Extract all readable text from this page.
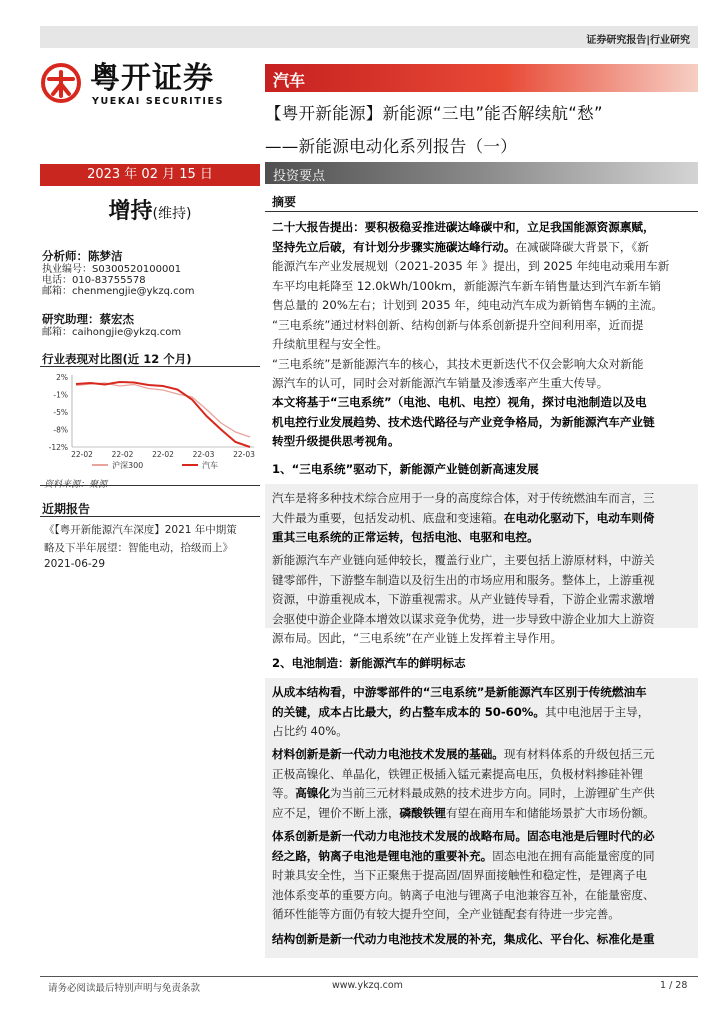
证券研究报告|行业研究
粤开证券
YUEKAI SECURITIES
汽车
【粤开新能源】新能源“三电”能否解续航“愁”
——新能源电动化系列报告（一）
2023 年 02 月 15 日
增持(维持)
分析师：陈梦洁
执业编号：S0300520100001
电话：010-83755578
邮箱：chenmengjie@ykzq.com
研究助理：蔡宏杰
邮箱：caihongjie@ykzq.com
行业表现对比图(近 12 个月)
2%
-1%
-5%
-8%
-12%
22-02 22-02 22-02 22-03 22-03
沪深300	汽车
资料来源：聚源
近期报告
《【粤开新能源汽车深度】2021 年中期策
略及下半年展望：智能电动，拾级而上》
2021-06-29
投资要点
摘要
二十大报告提出：要积极稳妥推进碳达峰碳中和，立足我国能源资源禀赋，
坚持先立后破，有计划分步骤实施碳达峰行动。在减碳降碳大背景下，《新
能源汽车产业发展规划（2021-2035 年 》提出，到 2025 年纯电动乘用车新
车平均电耗降至 12.0kWh/100km，新能源汽车新车销售量达到汽车新车销
售总量的 20%左右；计划到 2035 年，纯电动汽车成为新销售车辆的主流。
“三电系统”通过材料创新、结构创新与体系创新提升空间利用率，近而提
升续航里程与安全性。
“三电系统”是新能源汽车的核心，其技术更新迭代不仅会影响大众对新能
源汽车的认可，同时会对新能源汽车销量及渗透率产生重大传导。
本文将基于“三电系统”（电池、电机、电控）视角，探讨电池制造以及电
机电控行业发展趋势、技术迭代路径与产业竞争格局，为新能源汽车产业链
转型升级提供思考视角。
1、“三电系统”驱动下，新能源产业链创新高速发展
汽车是将多种技术综合应用于一身的高度综合体，对于传统燃油车而言，三
大件最为重要，包括发动机、底盘和变速箱。在电动化驱动下，电动车则倚
重其三电系统的正常运转，包括电池、电驱和电控。
新能源汽车产业链向延伸较长，覆盖行业广，主要包括上游原材料，中游关
键零部件，下游整车制造以及衍生出的市场应用和服务。整体上，上游重视
资源，中游重视成本，下游重视需求。从产业链传导看，下游企业需求激增
会驱使中游企业降本增效以谋求竞争优势，进一步导致中游企业加大上游资
源布局。因此，“三电系统”在产业链上发挥着主导作用。
2、电池制造：新能源汽车的鲜明标志
从成本结构看，中游零部件的“三电系统”是新能源汽车区别于传统燃油车
的关键，成本占比最大，约占整车成本的 50-60%。其中电池居于主导，
占比约 40%。
材料创新是新一代动力电池技术发展的基础。现有材料体系的升级包括三元
正极高镍化、单晶化，铁锂正极插入锰元素提高电压，负极材料掺硅补锂
等。高镍化为当前三元材料最成熟的技术进步方向。同时，上游锂矿生产供
应不足，锂价不断上涨，磷酸铁锂有望在商用车和储能场景扩大市场份额。
体系创新是新一代动力电池技术发展的战略布局。固态电池是后锂时代的必
经之路，钠离子电池是锂电池的重要补充。固态电池在拥有高能量密度的同
时兼具安全性，当下正聚焦于提高固/固界面接触性和稳定性，是锂离子电
池体系变革的重要方向。钠离子电池与锂离子电池兼容互补，在能量密度、
循环性能等方面仍有较大提升空间，全产业链配套有待进一步完善。
结构创新是新一代动力电池技术发展的补充，集成化、平台化、标准化是重
请务必阅读最后特别声明与免责条款	www.ykzq.com	1 / 28
